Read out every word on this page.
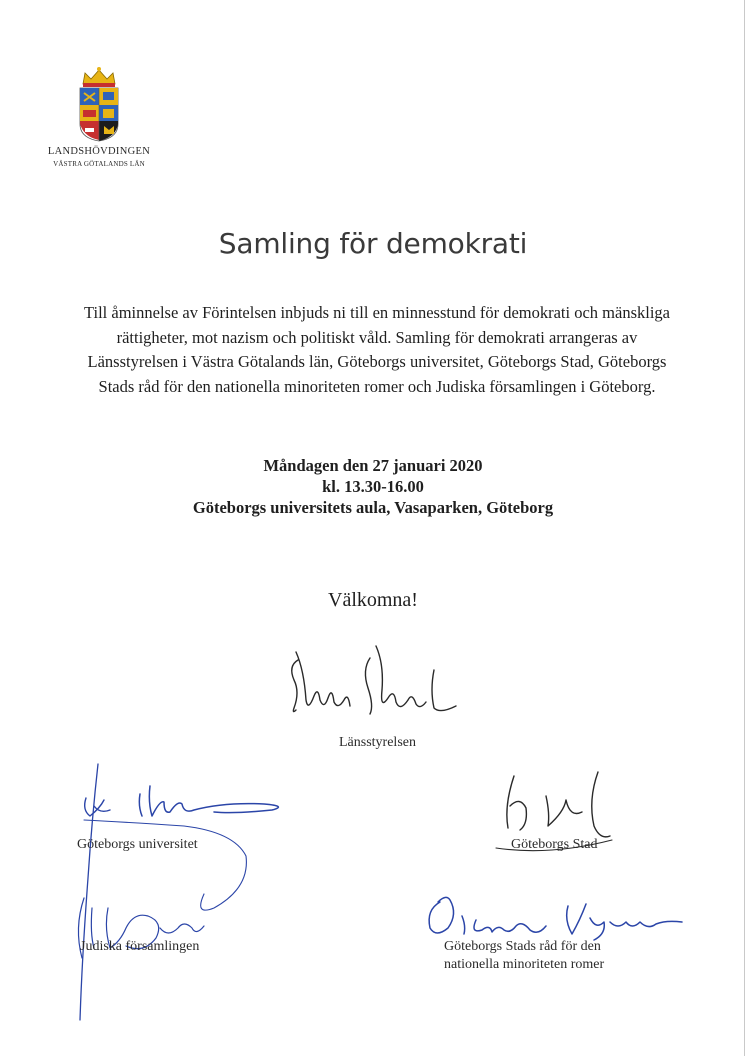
LANDSHÖVDINGEN
VÄSTRA GÖTALANDS LÄN
Samling för demokrati

Till åminnelse av Förintelsen inbjuds ni till en minnesstund för demokrati och mänskliga rättigheter, mot nazism och politiskt våld. Samling för demokrati arrangeras av Länsstyrelsen i Västra Götalands län, Göteborgs universitet, Göteborgs Stad, Göteborgs Stads råd för den nationella minoriteten romer och Judiska församlingen i Göteborg.

Måndagen den 27 januari 2020
kl. 13.30-16.00
Göteborgs universitets aula, Vasaparken, Göteborg
Välkomna!
Länsstyrelsen
Göteborgs universitet
Judiska församlingen
Göteborgs Stad
Göteborgs Stads råd för den
nationella minoriteten romer
